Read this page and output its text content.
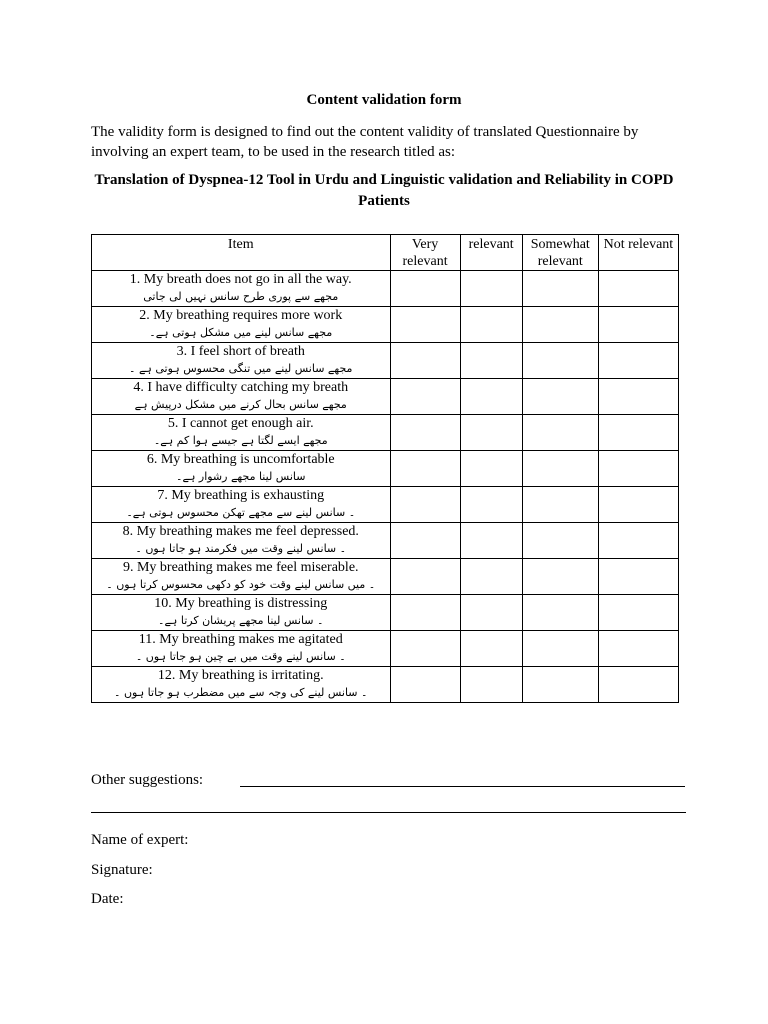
Content validation form
The validity form is designed to find out the content validity of translated Questionnaire by involving an expert team, to be used in the research titled as:
Translation of Dyspnea-12 Tool in Urdu and Linguistic validation and Reliability in COPD Patients
Item	Very relevant	relevant	Somewhat relevant	Not relevant

1. My breath does not go in all the way.
مجھے سے پوری طرح سانس نہیں لی جاتی				

2. My breathing requires more work
مجھے سانس لینے میں مشکل ہوتی ہے۔				

3. I feel short of breath
مجھے سانس لینے میں تنگی محسوس ہوتی ہے ۔				

4. I have difficulty catching my breath
مجھے سانس بحال کرنے میں مشکل درپیش ہے				

5. I cannot get enough air.
مجھے ایسے لگتا ہے جیسے ہوا کم ہے۔				

6. My breathing is uncomfortable
سانس لینا مجھے رشوار ہے۔				

7. My breathing is exhausting
۔ سانس لینے سے مجھے تھکن محسوس ہوتی ہے۔				

8. My breathing makes me feel depressed.
۔ سانس لینے وقت میں فکرمند ہو جاتا ہوں ۔				

9. My breathing makes me feel miserable.
۔ میں سانس لینے وقت خود کو دکھی محسوس کرتا ہوں ۔				

10. My breathing is distressing
۔ سانس لینا مجھے پریشان کرتا ہے۔				

11. My breathing makes me agitated
۔ سانس لینے وقت میں بے چین ہو جاتا ہوں ۔				

12. My breathing is irritating.
۔ سانس لینے کی وجہ سے میں مضطرب ہو جاتا ہوں ۔				

Other suggestions:
Name of expert:
Signature:
Date:
